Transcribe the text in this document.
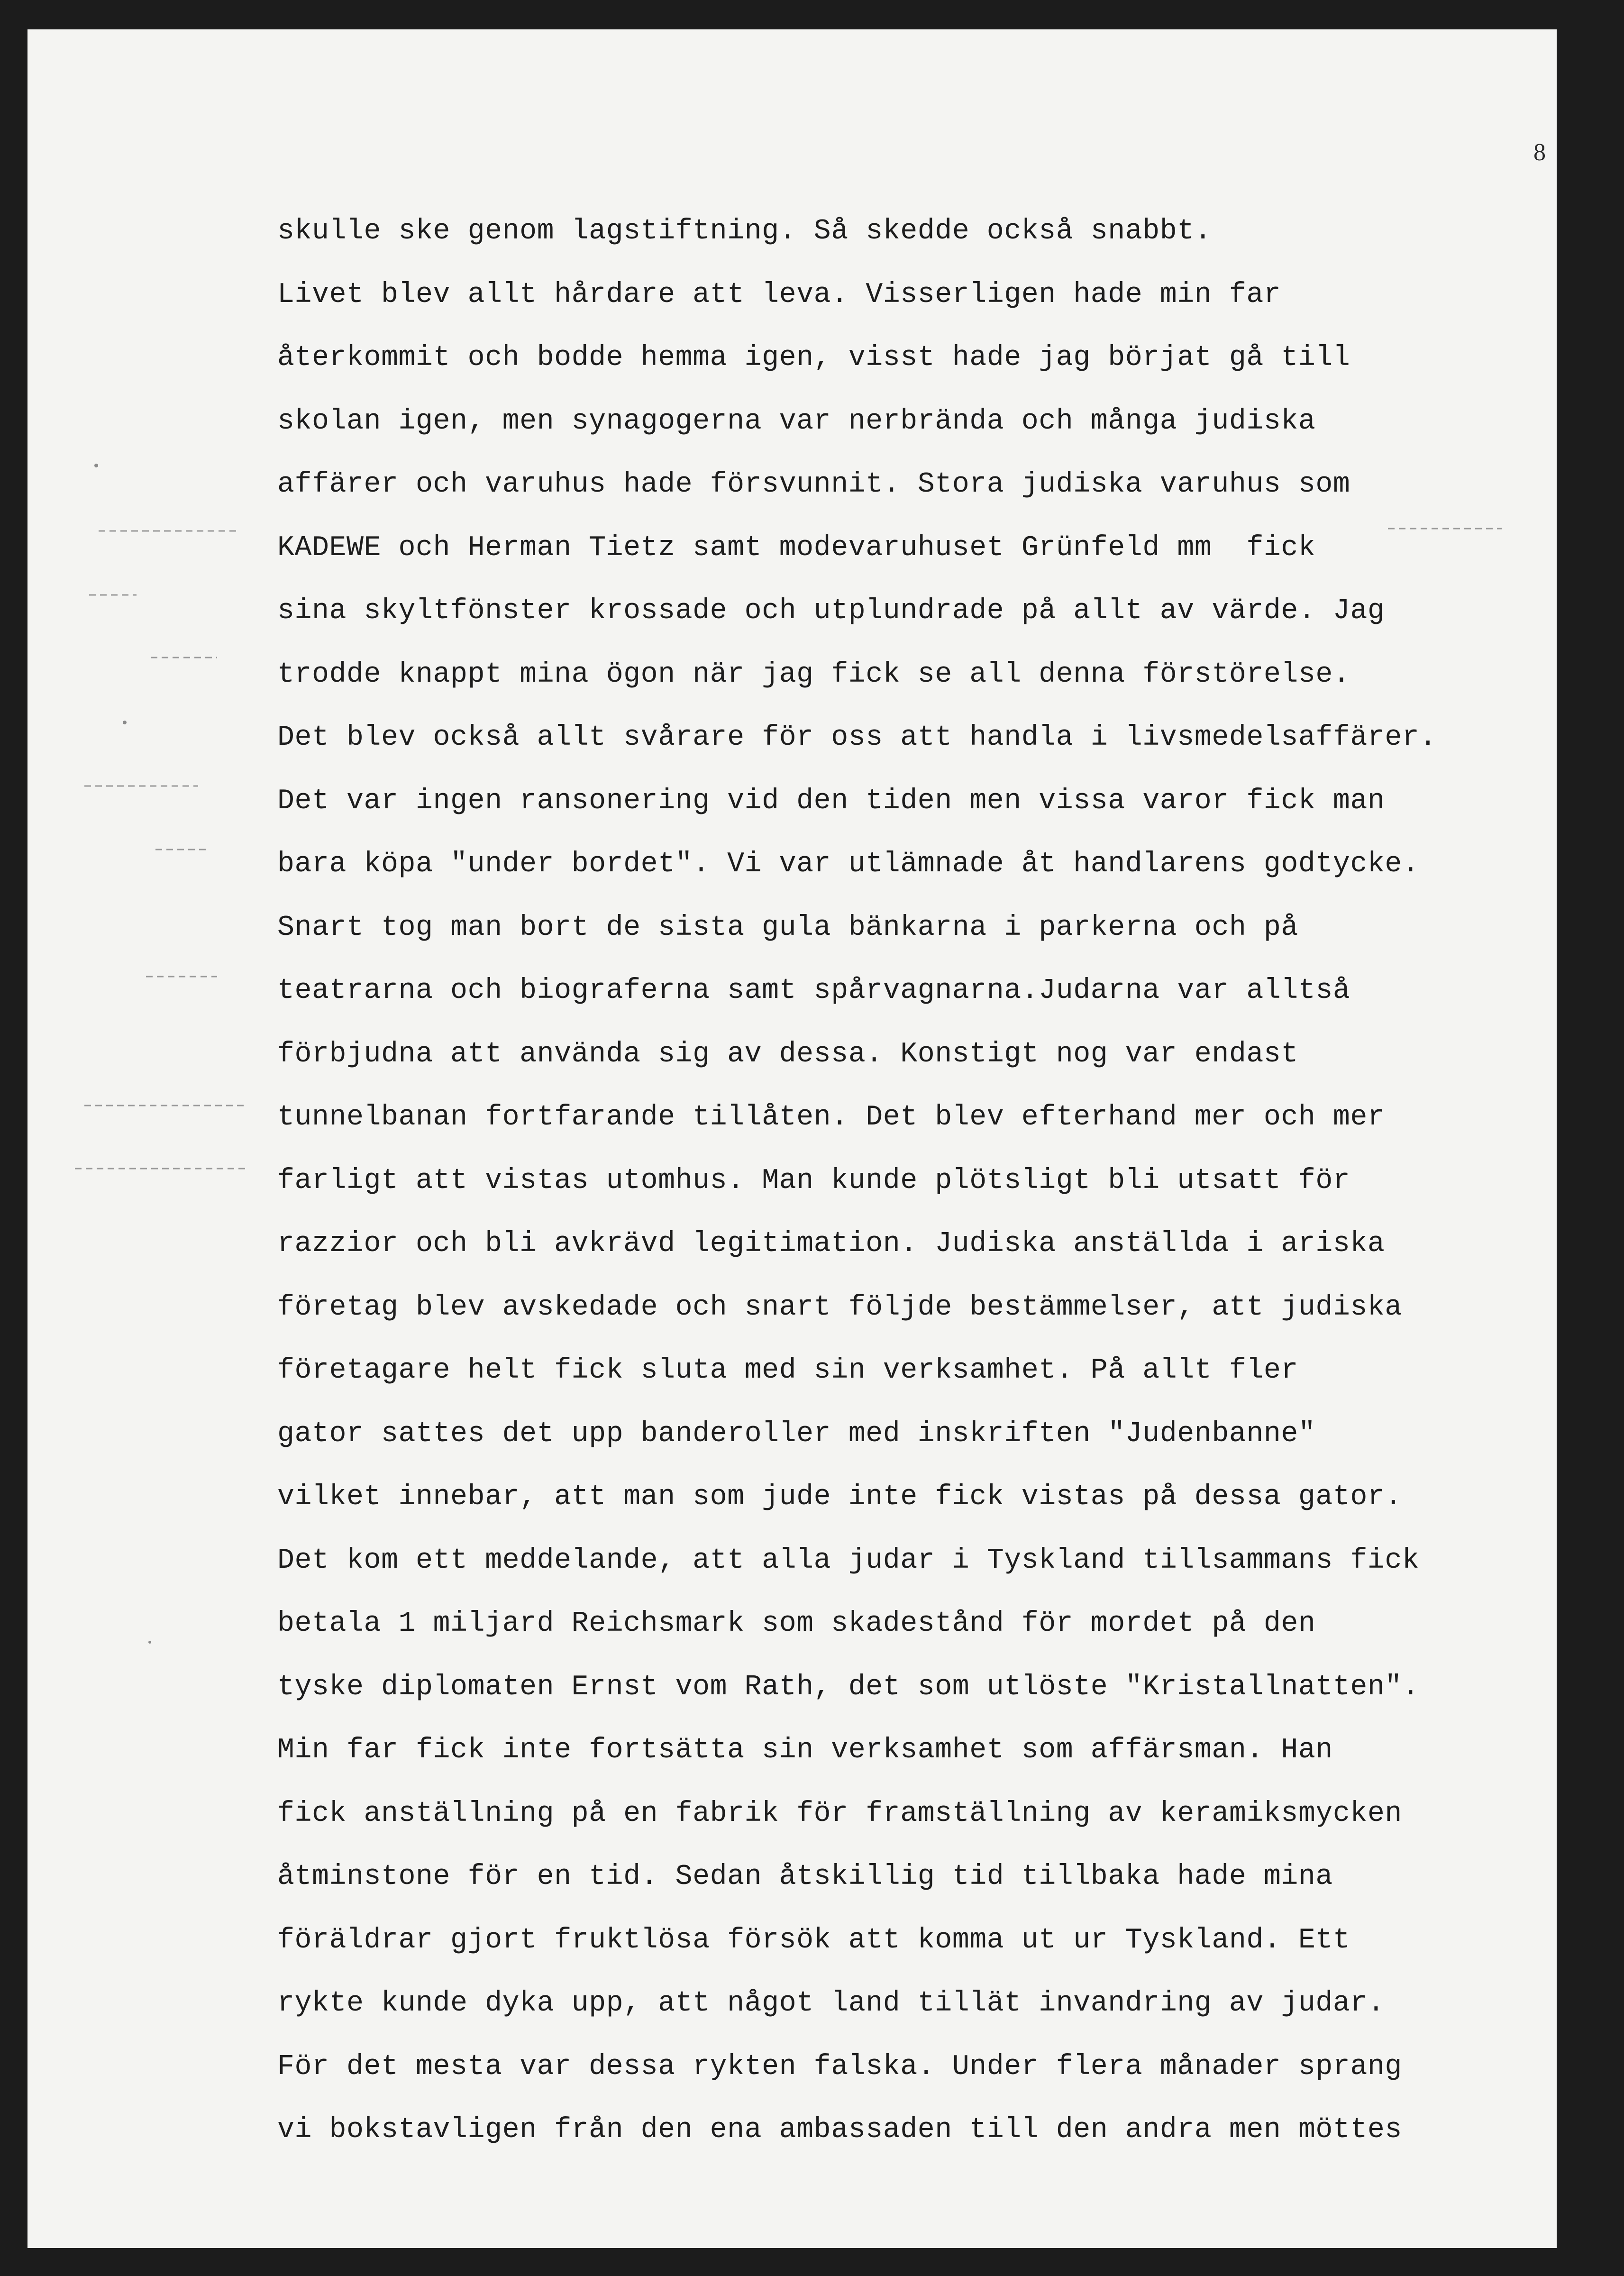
8
skulle ske genom lagstiftning. Så skedde också snabbt.
Livet blev allt hårdare att leva. Visserligen hade min far
återkommit och bodde hemma igen, visst hade jag börjat gå till
skolan igen, men synagogerna var nerbrända och många judiska
affärer och varuhus hade försvunnit. Stora judiska varuhus som
KADEWE och Herman Tietz samt modevaruhuset Grünfeld mm  fick
sina skyltfönster krossade och utplundrade på allt av värde. Jag
trodde knappt mina ögon när jag fick se all denna förstörelse.
Det blev också allt svårare för oss att handla i livsmedelsaffärer.
Det var ingen ransonering vid den tiden men vissa varor fick man
bara köpa "under bordet". Vi var utlämnade åt handlarens godtycke.
Snart tog man bort de sista gula bänkarna i parkerna och på
teatrarna och biograferna samt spårvagnarna.Judarna var alltså
förbjudna att använda sig av dessa. Konstigt nog var endast
tunnelbanan fortfarande tillåten. Det blev efterhand mer och mer
farligt att vistas utomhus. Man kunde plötsligt bli utsatt för
razzior och bli avkrävd legitimation. Judiska anställda i ariska
företag blev avskedade och snart följde bestämmelser, att judiska
företagare helt fick sluta med sin verksamhet. På allt fler
gator sattes det upp banderoller med inskriften "Judenbanne"
vilket innebar, att man som jude inte fick vistas på dessa gator.
Det kom ett meddelande, att alla judar i Tyskland tillsammans fick
betala 1 miljard Reichsmark som skadestånd för mordet på den
tyske diplomaten Ernst vom Rath, det som utlöste "Kristallnatten".
Min far fick inte fortsätta sin verksamhet som affärsman. Han
fick anställning på en fabrik för framställning av keramiksmycken
åtminstone för en tid. Sedan åtskillig tid tillbaka hade mina
föräldrar gjort fruktlösa försök att komma ut ur Tyskland. Ett
rykte kunde dyka upp, att något land tillät invandring av judar.
För det mesta var dessa rykten falska. Under flera månader sprang
vi bokstavligen från den ena ambassaden till den andra men möttes
